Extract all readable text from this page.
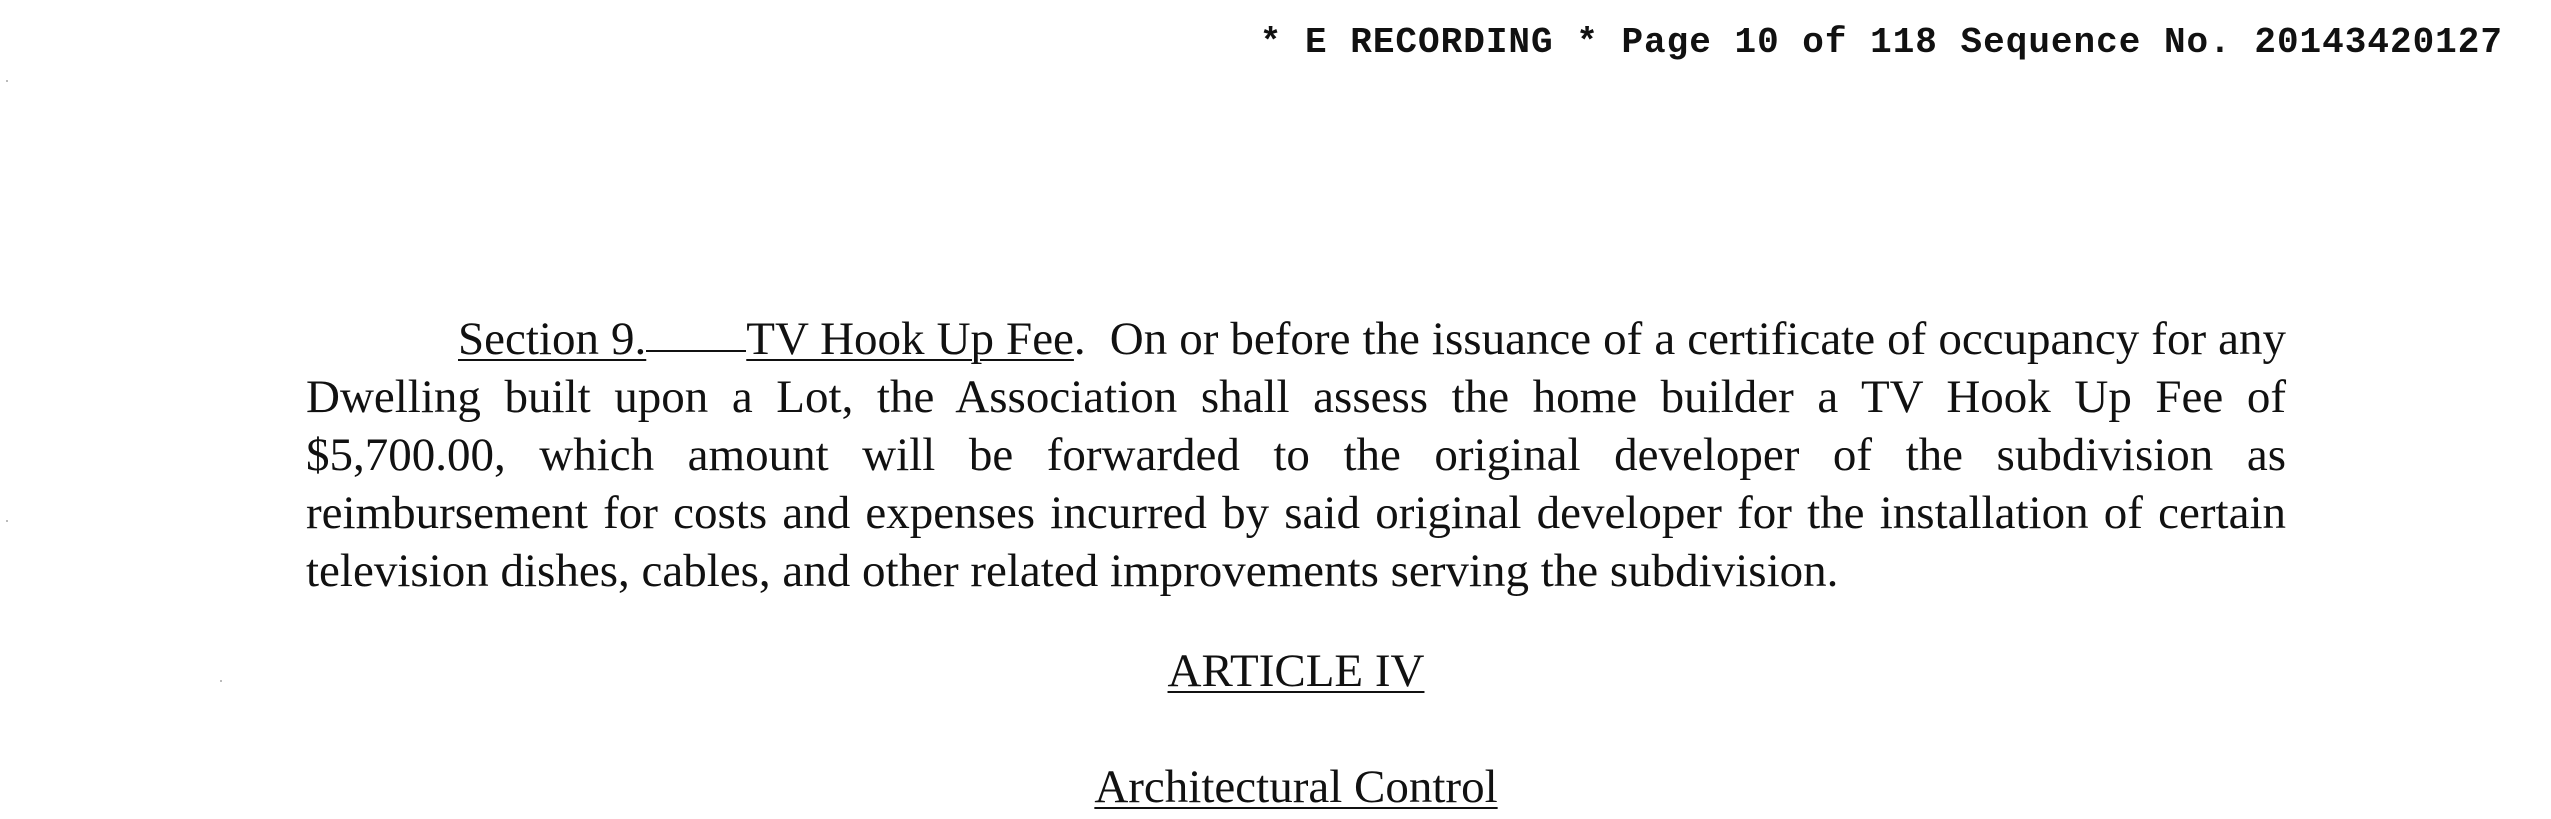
* E RECORDING * Page 10 of 118 Sequence No. 20143420127

Section 9. TV Hook Up Fee. On or before the issuance of a certificate of occupancy for any Dwelling built upon a Lot, the Association shall assess the home builder a TV Hook Up Fee of $5,700.00, which amount will be forwarded to the original developer of the subdivision as reimbursement for costs and expenses incurred by said original developer for the installation of certain television dishes, cables, and other related improvements serving the subdivision.

ARTICLE IV
Architectural Control
